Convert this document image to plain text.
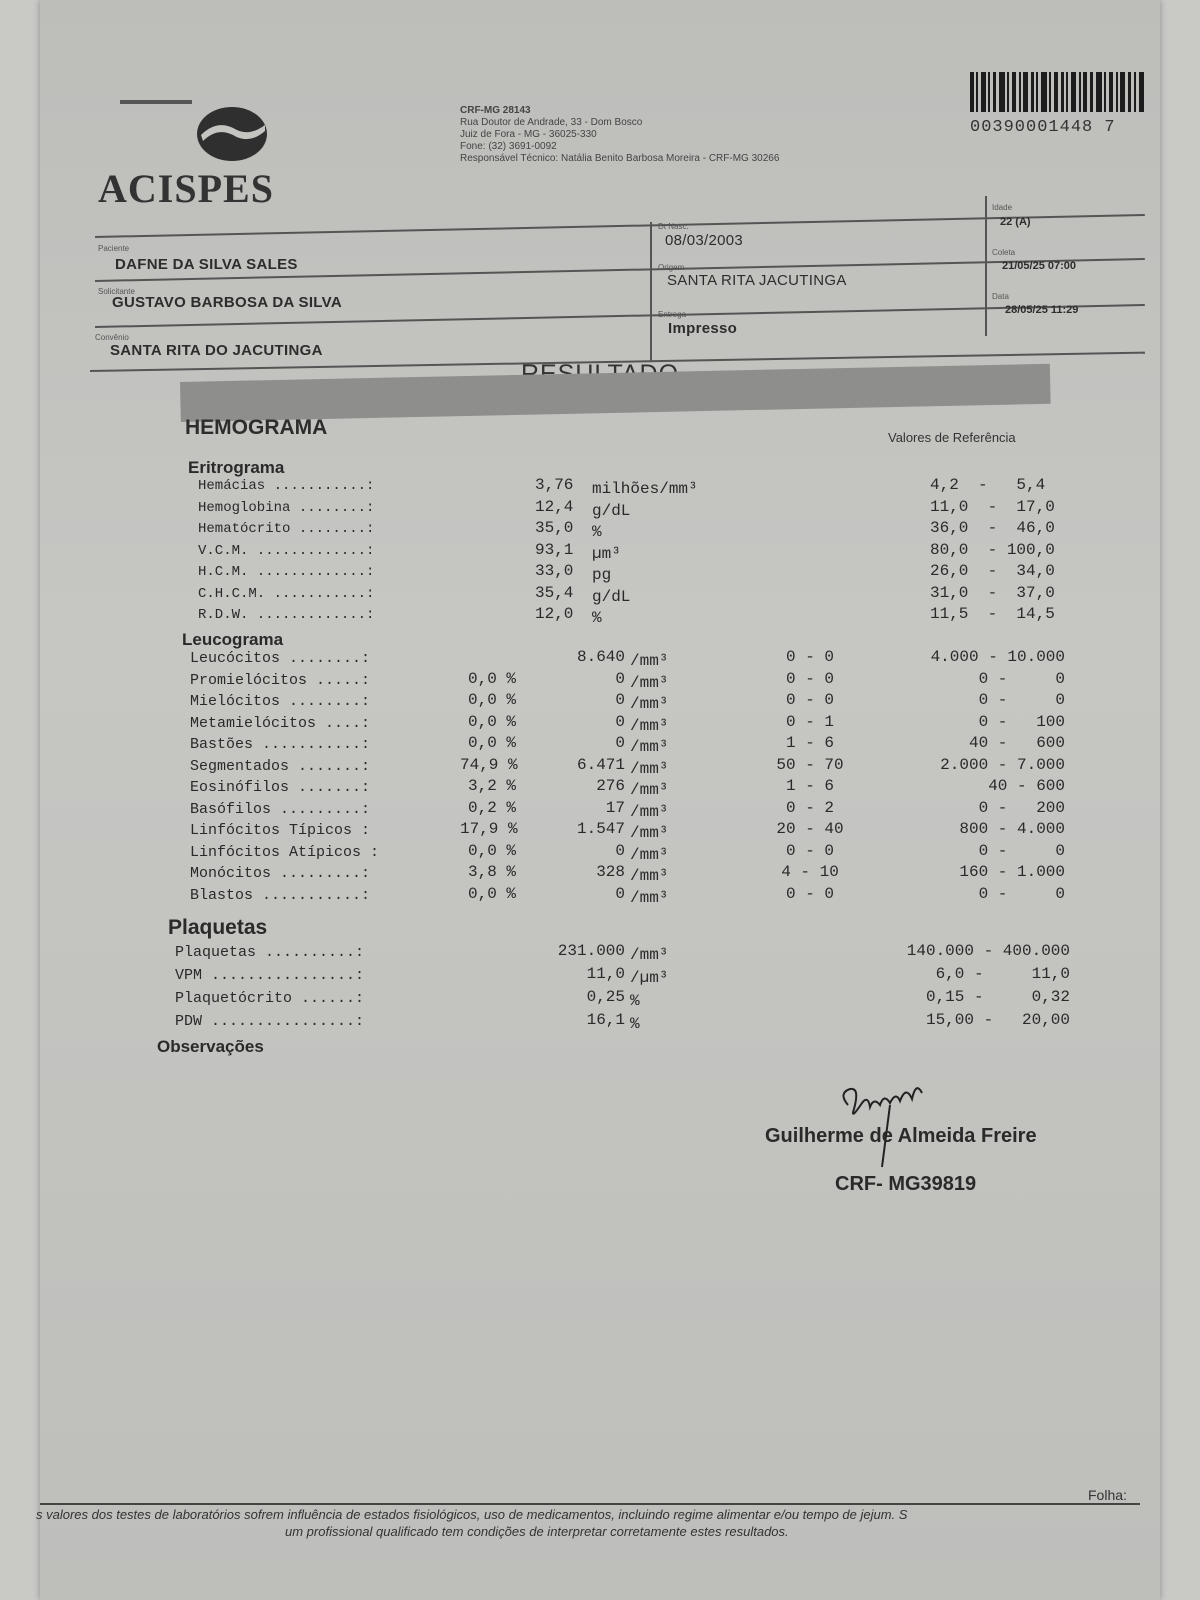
ACISPES
CRF-MG 28143
Rua Doutor de Andrade, 33 - Dom Bosco
Juiz de Fora - MG - 36025-330
Fone: (32) 3691-0092
Responsável Técnico: Natália Benito Barbosa Moreira - CRF-MG 30266
00390001448 7
Paciente
DAFNE DA SILVA SALES
Solicitante
GUSTAVO BARBOSA DA SILVA
Convênio
SANTA RITA DO JACUTINGA
Dt Nasc.
08/03/2003
Origem
SANTA RITA JACUTINGA
Entrega
Impresso
Idade
22 (A)
Coleta
21/05/25 07:00
Data
28/05/25 11:29
HEMOGRAMA	Valores de Referência
Eritrograma
Leucograma
Plaquetas
Observações
Guilherme de Almeida Freire
CRF- MG39819
Folha:
s valores dos testes de laboratórios sofrem influência de estados fisiológicos, uso de medicamentos, incluindo regime alimentar e/ou tempo de jejum. S
um profissional qualificado tem condições de interpretar corretamente estes resultados.
Hemácias ...........:	3,76 milhões/mm³	4,2  -   5,4
Hemoglobina ........:	12,4 g/dL	11,0  -  17,0
Hematócrito ........:	35,0 %	36,0  -  46,0
V.C.M. .............:	93,1 µm³	80,0  - 100,0
H.C.M. .............:	33,0 pg	26,0  -  34,0
C.H.C.M. ...........:	35,4 g/dL	31,0  -  37,0
R.D.W. .............:	12,0 %	11,5  -  14,5
Leucócitos ........:	8.640 /mm³	0 - 0	4.000 - 10.000
Promielócitos .....:	0,0 %	0 /mm³	0 - 0	0 -     0
Mielócitos ........:	0,0 %	0 /mm³	0 - 0	0 -     0
Metamielócitos ....:	0,0 %	0 /mm³	0 - 1	0 -   100
Bastões ...........:	0,0 %	0 /mm³	1 - 6	40 -   600
Segmentados .......:	74,9 %	6.471 /mm³	50 - 70	2.000 - 7.000
Eosinófilos .......:	3,2 %	276 /mm³	1 - 6	40 - 600
Basófilos .........:	0,2 %	17 /mm³	0 - 2	0 -   200
Linfócitos Típicos :	17,9 %	1.547 /mm³	20 - 40	800 - 4.000
Linfócitos Atípicos :	0,0 %	0 /mm³	0 - 0	0 -     0
Monócitos .........:	3,8 %	328 /mm³	4 - 10	160 - 1.000
Blastos ...........:	0,0 %	0 /mm³	0 - 0	0 -     0
Plaquetas ..........:	231.000 /mm³	140.000 - 400.000
VPM ................:	11,0 /µm³	6,0 -     11,0
Plaquetócrito ......:	0,25 %	0,15 -     0,32
PDW ................:	16,1 %	15,00 -   20,00
